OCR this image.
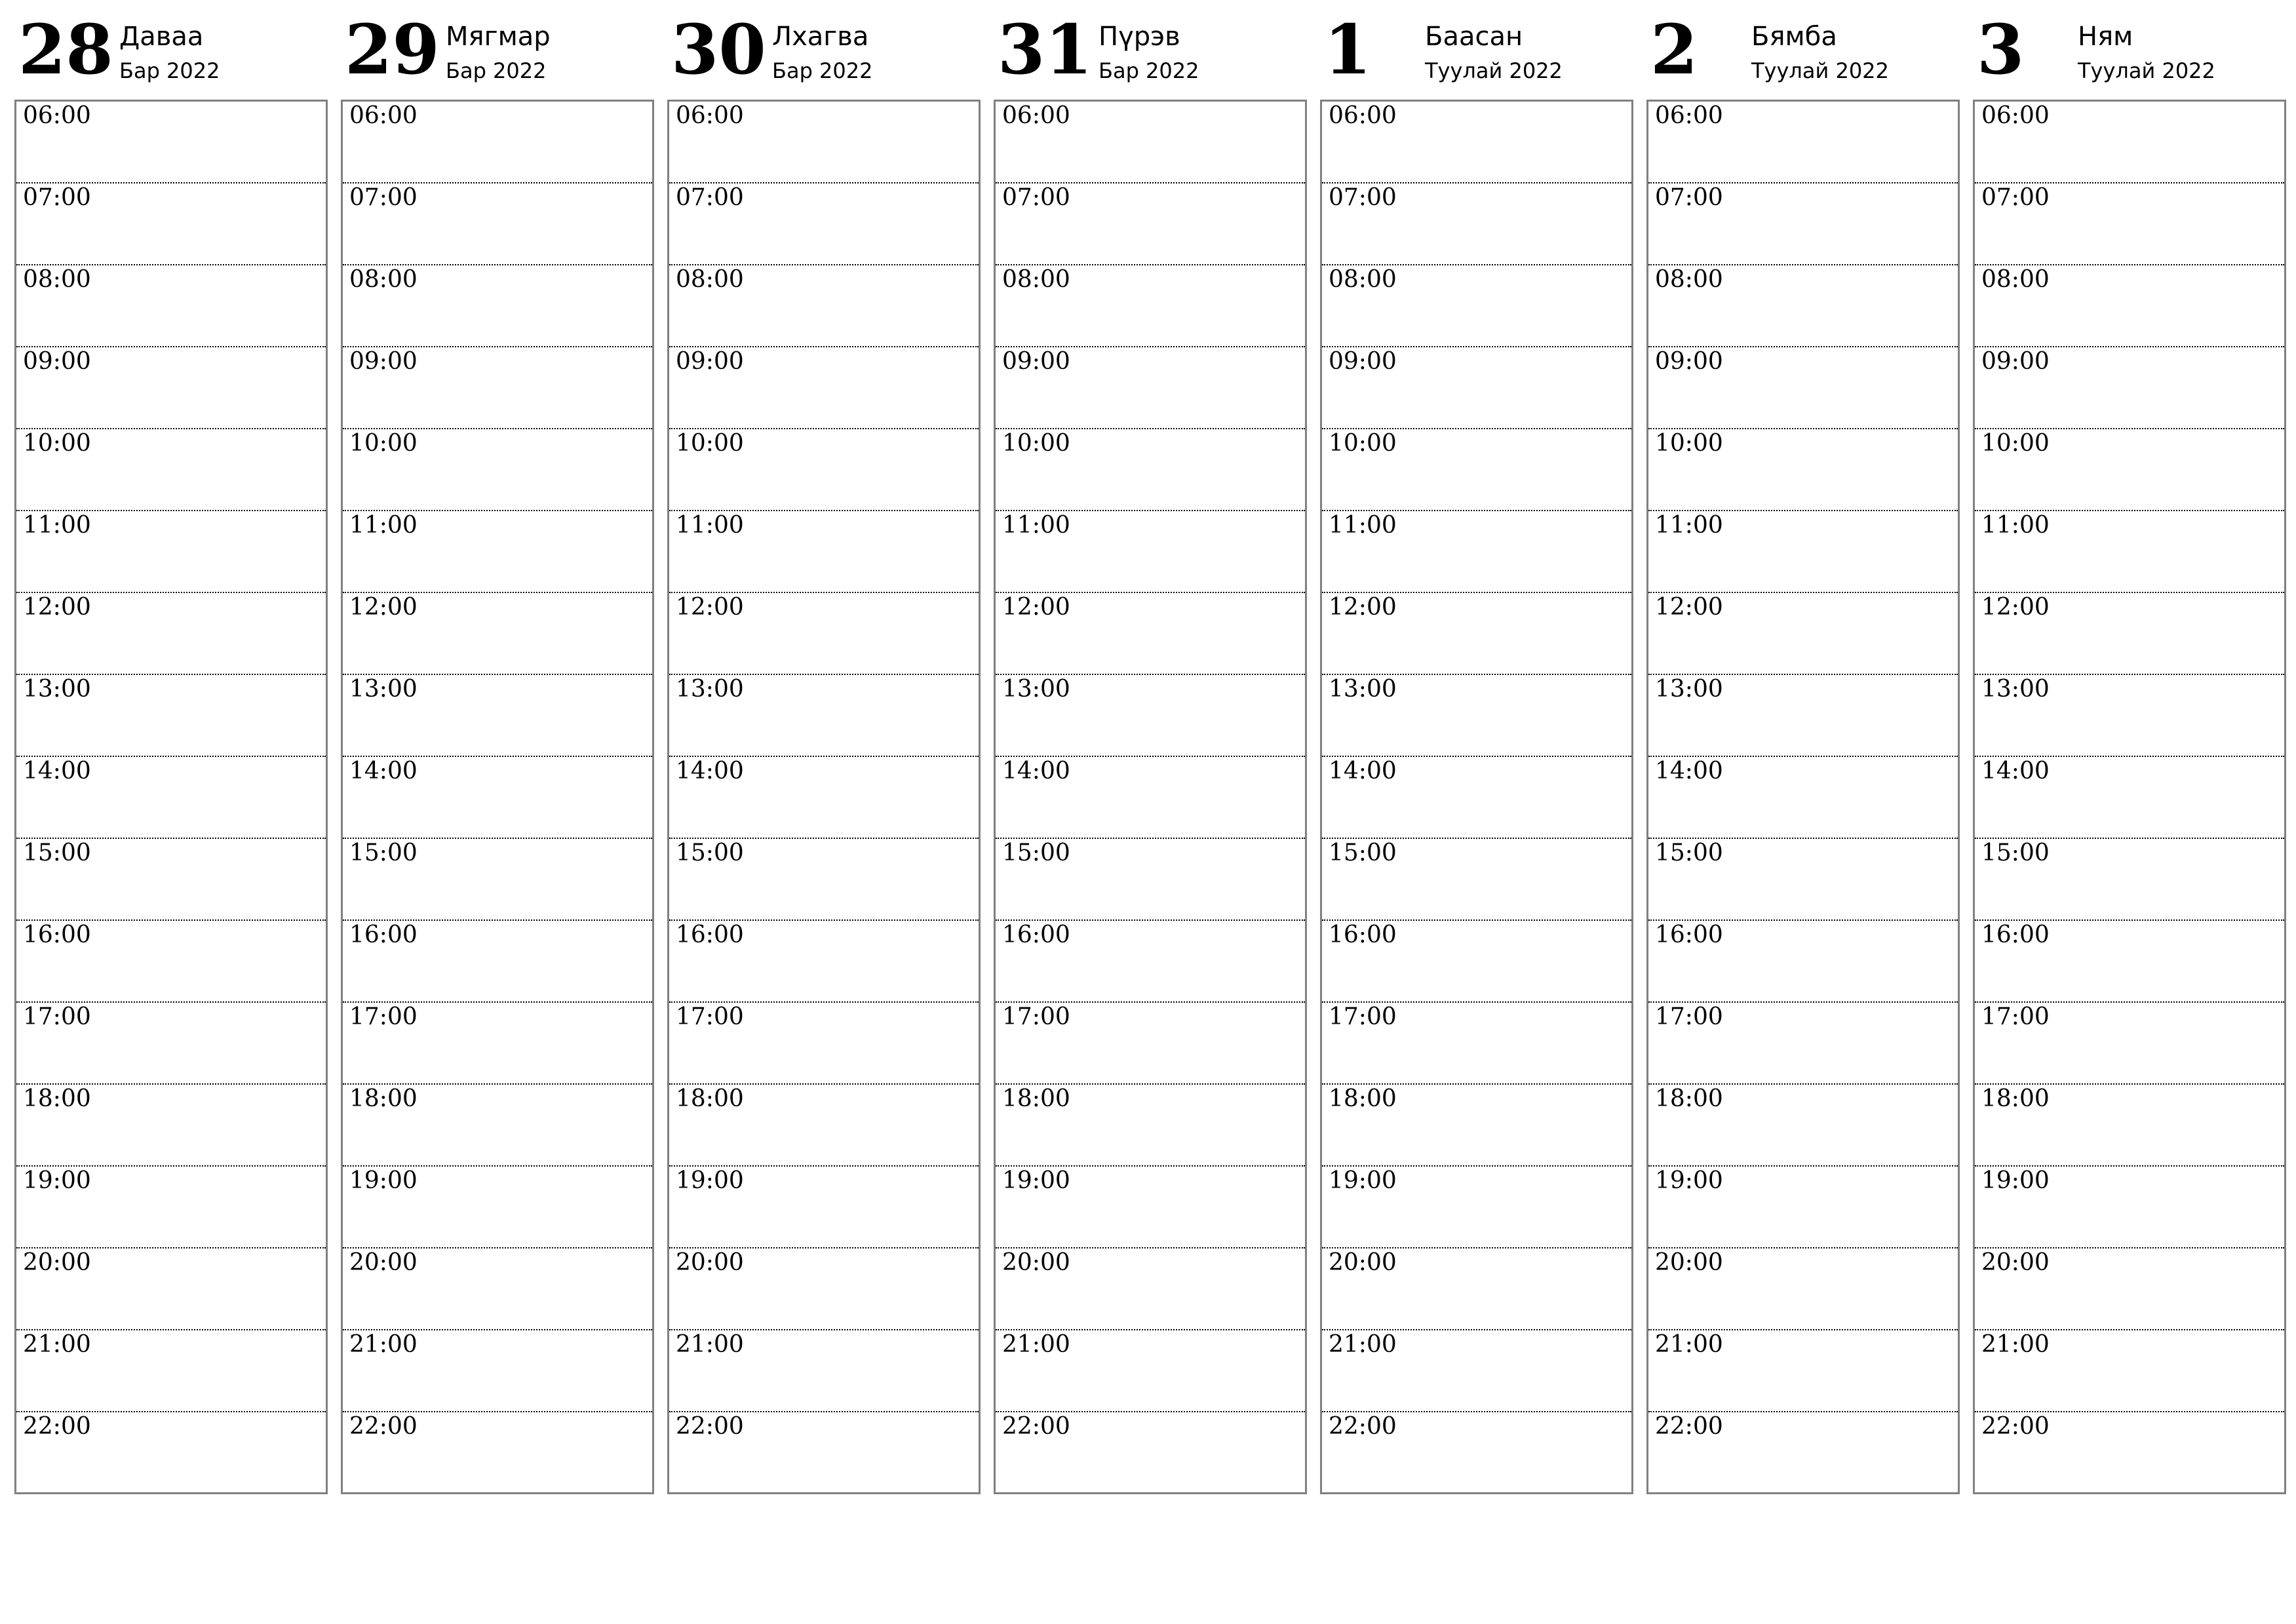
28 Даваа
Бар 2022
06:00
07:00
08:00
09:00
10:00
11:00
12:00
13:00
14:00
15:00
16:00
17:00
18:00
19:00
20:00
21:00
22:00
29 Мягмар
Бар 2022
06:00
07:00
08:00
09:00
10:00
11:00
12:00
13:00
14:00
15:00
16:00
17:00
18:00
19:00
20:00
21:00
22:00
30 Лхагва
Бар 2022
06:00
07:00
08:00
09:00
10:00
11:00
12:00
13:00
14:00
15:00
16:00
17:00
18:00
19:00
20:00
21:00
22:00
31 Пүрэв
Бар 2022
06:00
07:00
08:00
09:00
10:00
11:00
12:00
13:00
14:00
15:00
16:00
17:00
18:00
19:00
20:00
21:00
22:00
1 Баасан
Туулай 2022
06:00
07:00
08:00
09:00
10:00
11:00
12:00
13:00
14:00
15:00
16:00
17:00
18:00
19:00
20:00
21:00
22:00
2 Бямба
Туулай 2022
06:00
07:00
08:00
09:00
10:00
11:00
12:00
13:00
14:00
15:00
16:00
17:00
18:00
19:00
20:00
21:00
22:00
3 Ням
Туулай 2022
06:00
07:00
08:00
09:00
10:00
11:00
12:00
13:00
14:00
15:00
16:00
17:00
18:00
19:00
20:00
21:00
22:00
